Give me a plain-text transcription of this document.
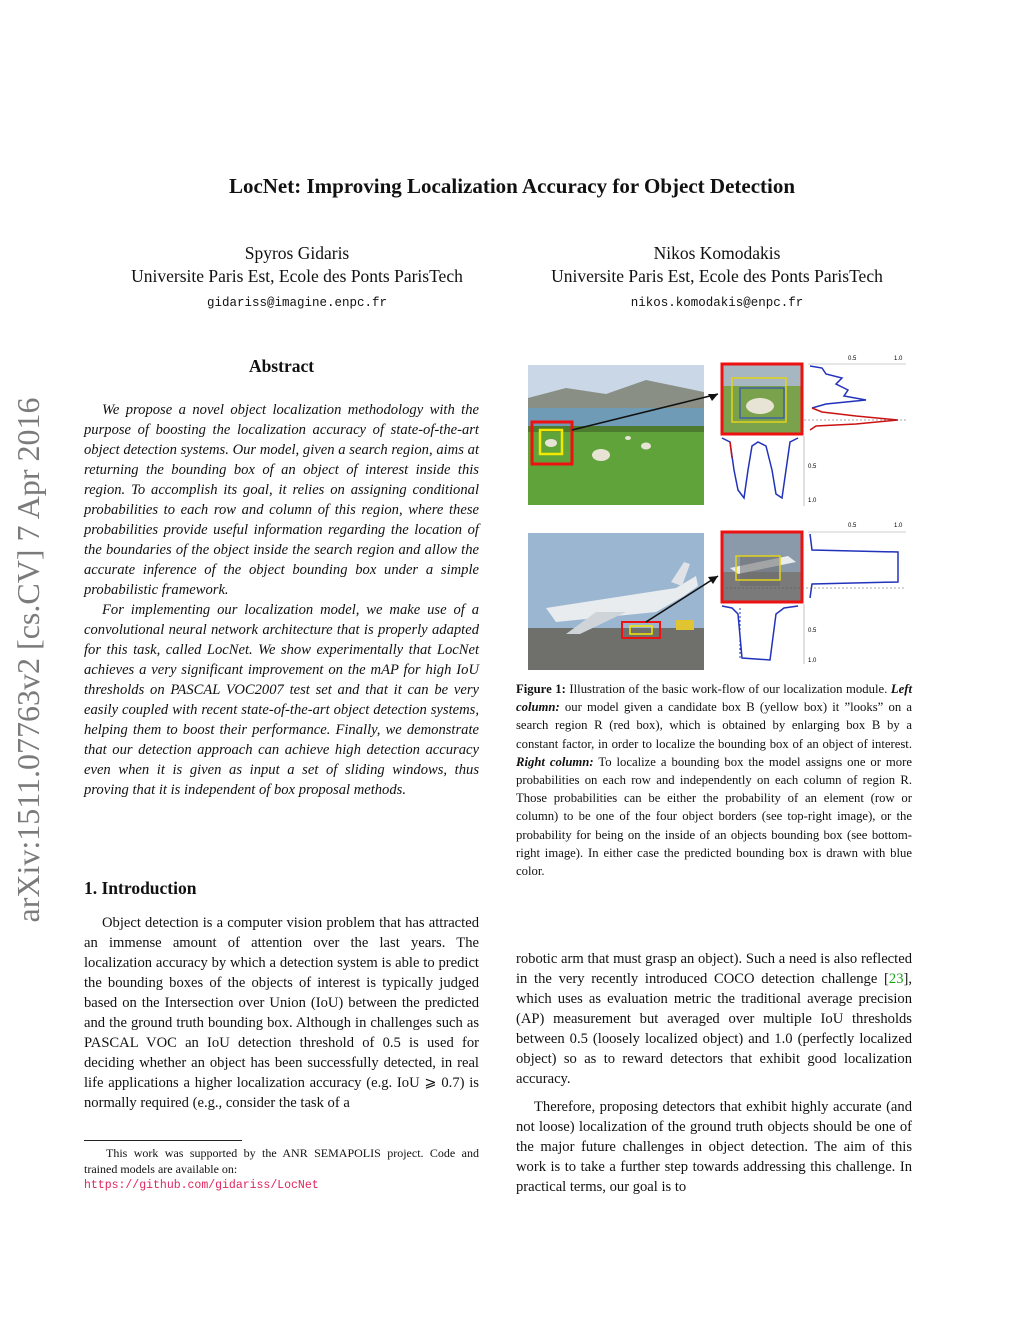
arXiv:1511.07763v2 [cs.CV] 7 Apr 2016
LocNet: Improving Localization Accuracy for Object Detection
Spyros Gidaris
Universite Paris Est, Ecole des Ponts ParisTech
gidariss@imagine.enpc.fr
Nikos Komodakis
Universite Paris Est, Ecole des Ponts ParisTech
nikos.komodakis@enpc.fr
Abstract

We propose a novel object localization methodology with the purpose of boosting the localization accuracy of state-of-the-art object detection systems. Our model, given a search region, aims at returning the bounding box of an object of interest inside this region. To accomplish its goal, it relies on assigning conditional probabilities to each row and column of this region, where these probabilities provide useful information regarding the location of the boundaries of the object inside the search region and allow the accurate inference of the object bounding box under a simple probabilistic framework.

For implementing our localization model, we make use of a convolutional neural network architecture that is properly adapted for this task, called LocNet. We show experimentally that LocNet achieves a very significant improvement on the mAP for high IoU thresholds on PASCAL VOC2007 test set and that it can be very easily coupled with recent state-of-the-art object detection systems, helping them to boost their performance. Finally, we demonstrate that our detection approach can achieve high detection accuracy even when it is given as input a set of sliding windows, thus proving that it is independent of box proposal methods.

1. Introduction

Object detection is a computer vision problem that has attracted an immense amount of attention over the last years. The localization accuracy by which a detection system is able to predict the bounding boxes of the objects of interest is typically judged based on the Intersection over Union (IoU) between the predicted and the ground truth bounding box. Although in challenges such as PASCAL VOC an IoU detection threshold of 0.5 is used for deciding whether an object has been successfully detected, in real life applications a higher localization accuracy (e.g. IoU ⩾ 0.7) is normally required (e.g., consider the task of a

This work was supported by the ANR SEMAPOLIS project. Code and trained models are available on:
https://github.com/gidariss/LocNet
0.5	1.0
0.5
1.0
0.5	1.0
0.5
1.0
Figure 1: Illustration of the basic work-flow of our localization module. Left column: our model given a candidate box B (yellow box) it ”looks” on a search region R (red box), which is obtained by enlarging box B by a constant factor, in order to localize the bounding box of an object of interest. Right column: To localize a bounding box the model assigns one or more probabilities on each row and independently on each column of region R. Those probabilities can be either the probability of an element (row or column) to be one of the four object borders (see top-right image), or the probability for being on the inside of an objects bounding box (see bottom-right image). In either case the predicted bounding box is drawn with blue color.

robotic arm that must grasp an object). Such a need is also reflected in the very recently introduced COCO detection challenge [23], which uses as evaluation metric the traditional average precision (AP) measurement but averaged over multiple IoU thresholds between 0.5 (loosely localized object) and 1.0 (perfectly localized object) so as to reward detectors that exhibit good localization accuracy.

Therefore, proposing detectors that exhibit highly accurate (and not loose) localization of the ground truth objects should be one of the major future challenges in object detection. The aim of this work is to take a further step towards addressing this challenge. In practical terms, our goal is to
